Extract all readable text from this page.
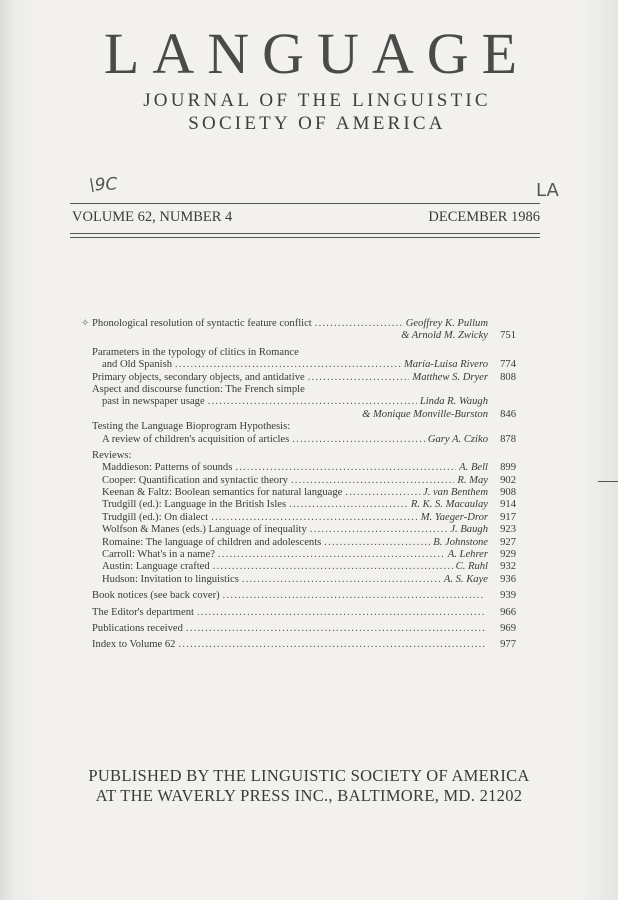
LANGUAGE
JOURNAL OF THE LINGUISTIC
SOCIETY OF AMERICA
\9C	LA
VOLUME 62, NUMBER 4	DECEMBER 1986
✧ Phonological resolution of syntactic feature conflict .....	Geoffrey K. Pullum
& Arnold M. Zwicky 751
Parameters in the typology of clitics in Romance
and Old Spanish .....	María-Luisa Rivero 774
Primary objects, secondary objects, and antidative .....	Matthew S. Dryer 808
Aspect and discourse function: The French simple
past in newspaper usage .....	Linda R. Waugh
& Monique Monville-Burston 846
Testing the Language Bioprogram Hypothesis:
A review of children's acquisition of articles .....	Gary A. Cziko 878
Reviews:
Maddieson: Patterns of sounds .....	A. Bell 899
Cooper: Quantification and syntactic theory .....	R. May 902
Keenan & Faltz: Boolean semantics for natural language .....	J. van Benthem 908
Trudgill (ed.): Language in the British Isles .....	R. K. S. Macaulay 914
Trudgill (ed.): On dialect .....	M. Yaeger-Dror 917
Wolfson & Manes (eds.) Language of inequality .....	J. Baugh 923
Romaine: The language of children and adolescents .....	B. Johnstone 927
Carroll: What's in a name? .....	A. Lehrer 929
Austin: Language crafted .....	C. Ruhl 932
Hudson: Invitation to linguistics .....	A. S. Kaye 936
Book notices (see back cover) .....	939
The Editor's department .....	966
Publications received .....	969
Index to Volume 62 .....	977
PUBLISHED BY THE LINGUISTIC SOCIETY OF AMERICA
AT THE WAVERLY PRESS INC., BALTIMORE, MD. 21202
